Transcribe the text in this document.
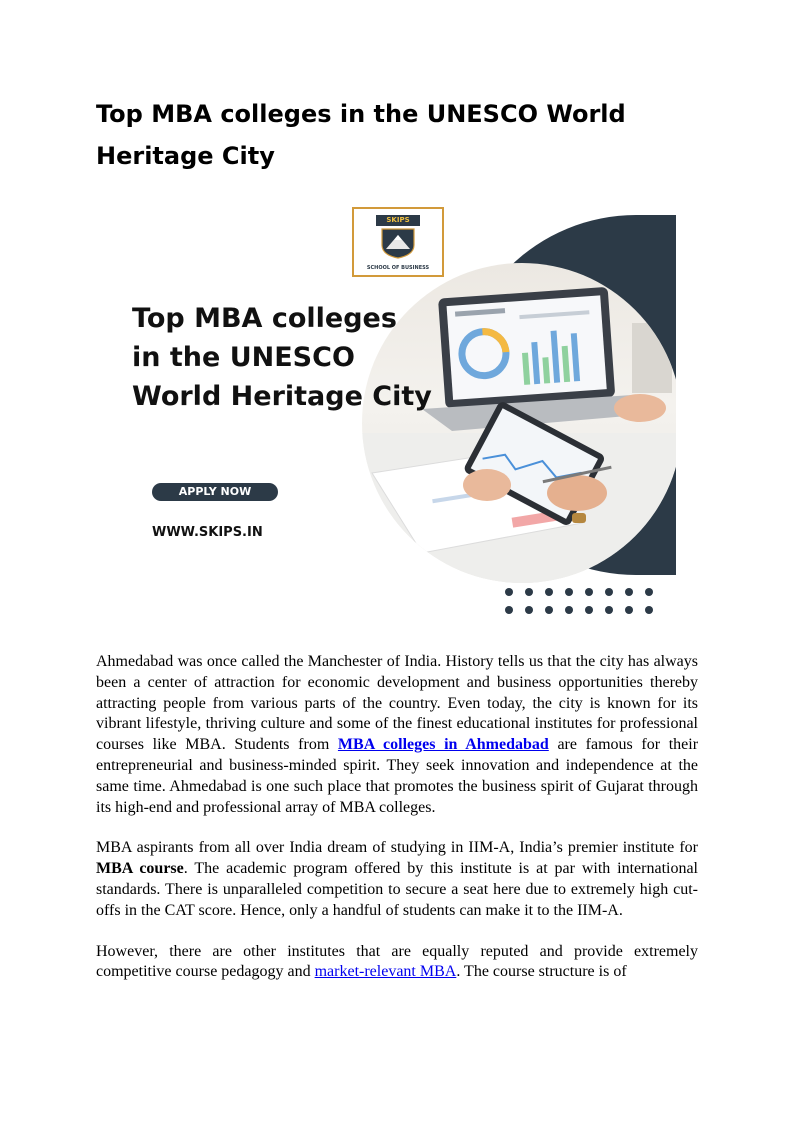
Top MBA colleges in the UNESCO World Heritage City
SKIPS
SCHOOL OF BUSINESS
Top MBA colleges in the UNESCO World Heritage City
APPLY NOW
WWW.SKIPS.IN

Ahmedabad was once called the Manchester of India. History tells us that the city has always been a center of attraction for economic development and business opportunities thereby attracting people from various parts of the country. Even today, the city is known for its vibrant lifestyle, thriving culture and some of the finest educational institutes for professional courses like MBA. Students from MBA colleges in Ahmedabad are famous for their entrepreneurial and business-minded spirit. They seek innovation and independence at the same time. Ahmedabad is one such place that promotes the business spirit of Gujarat through its high-end and professional array of MBA colleges.

MBA aspirants from all over India dream of studying in IIM-A, India’s premier institute for MBA course. The academic program offered by this institute is at par with international standards. There is unparalleled competition to secure a seat here due to extremely high cut-offs in the CAT score. Hence, only a handful of students can make it to the IIM-A.

However, there are other institutes that are equally reputed and provide extremely competitive course pedagogy and market-relevant MBA. The course structure is of
